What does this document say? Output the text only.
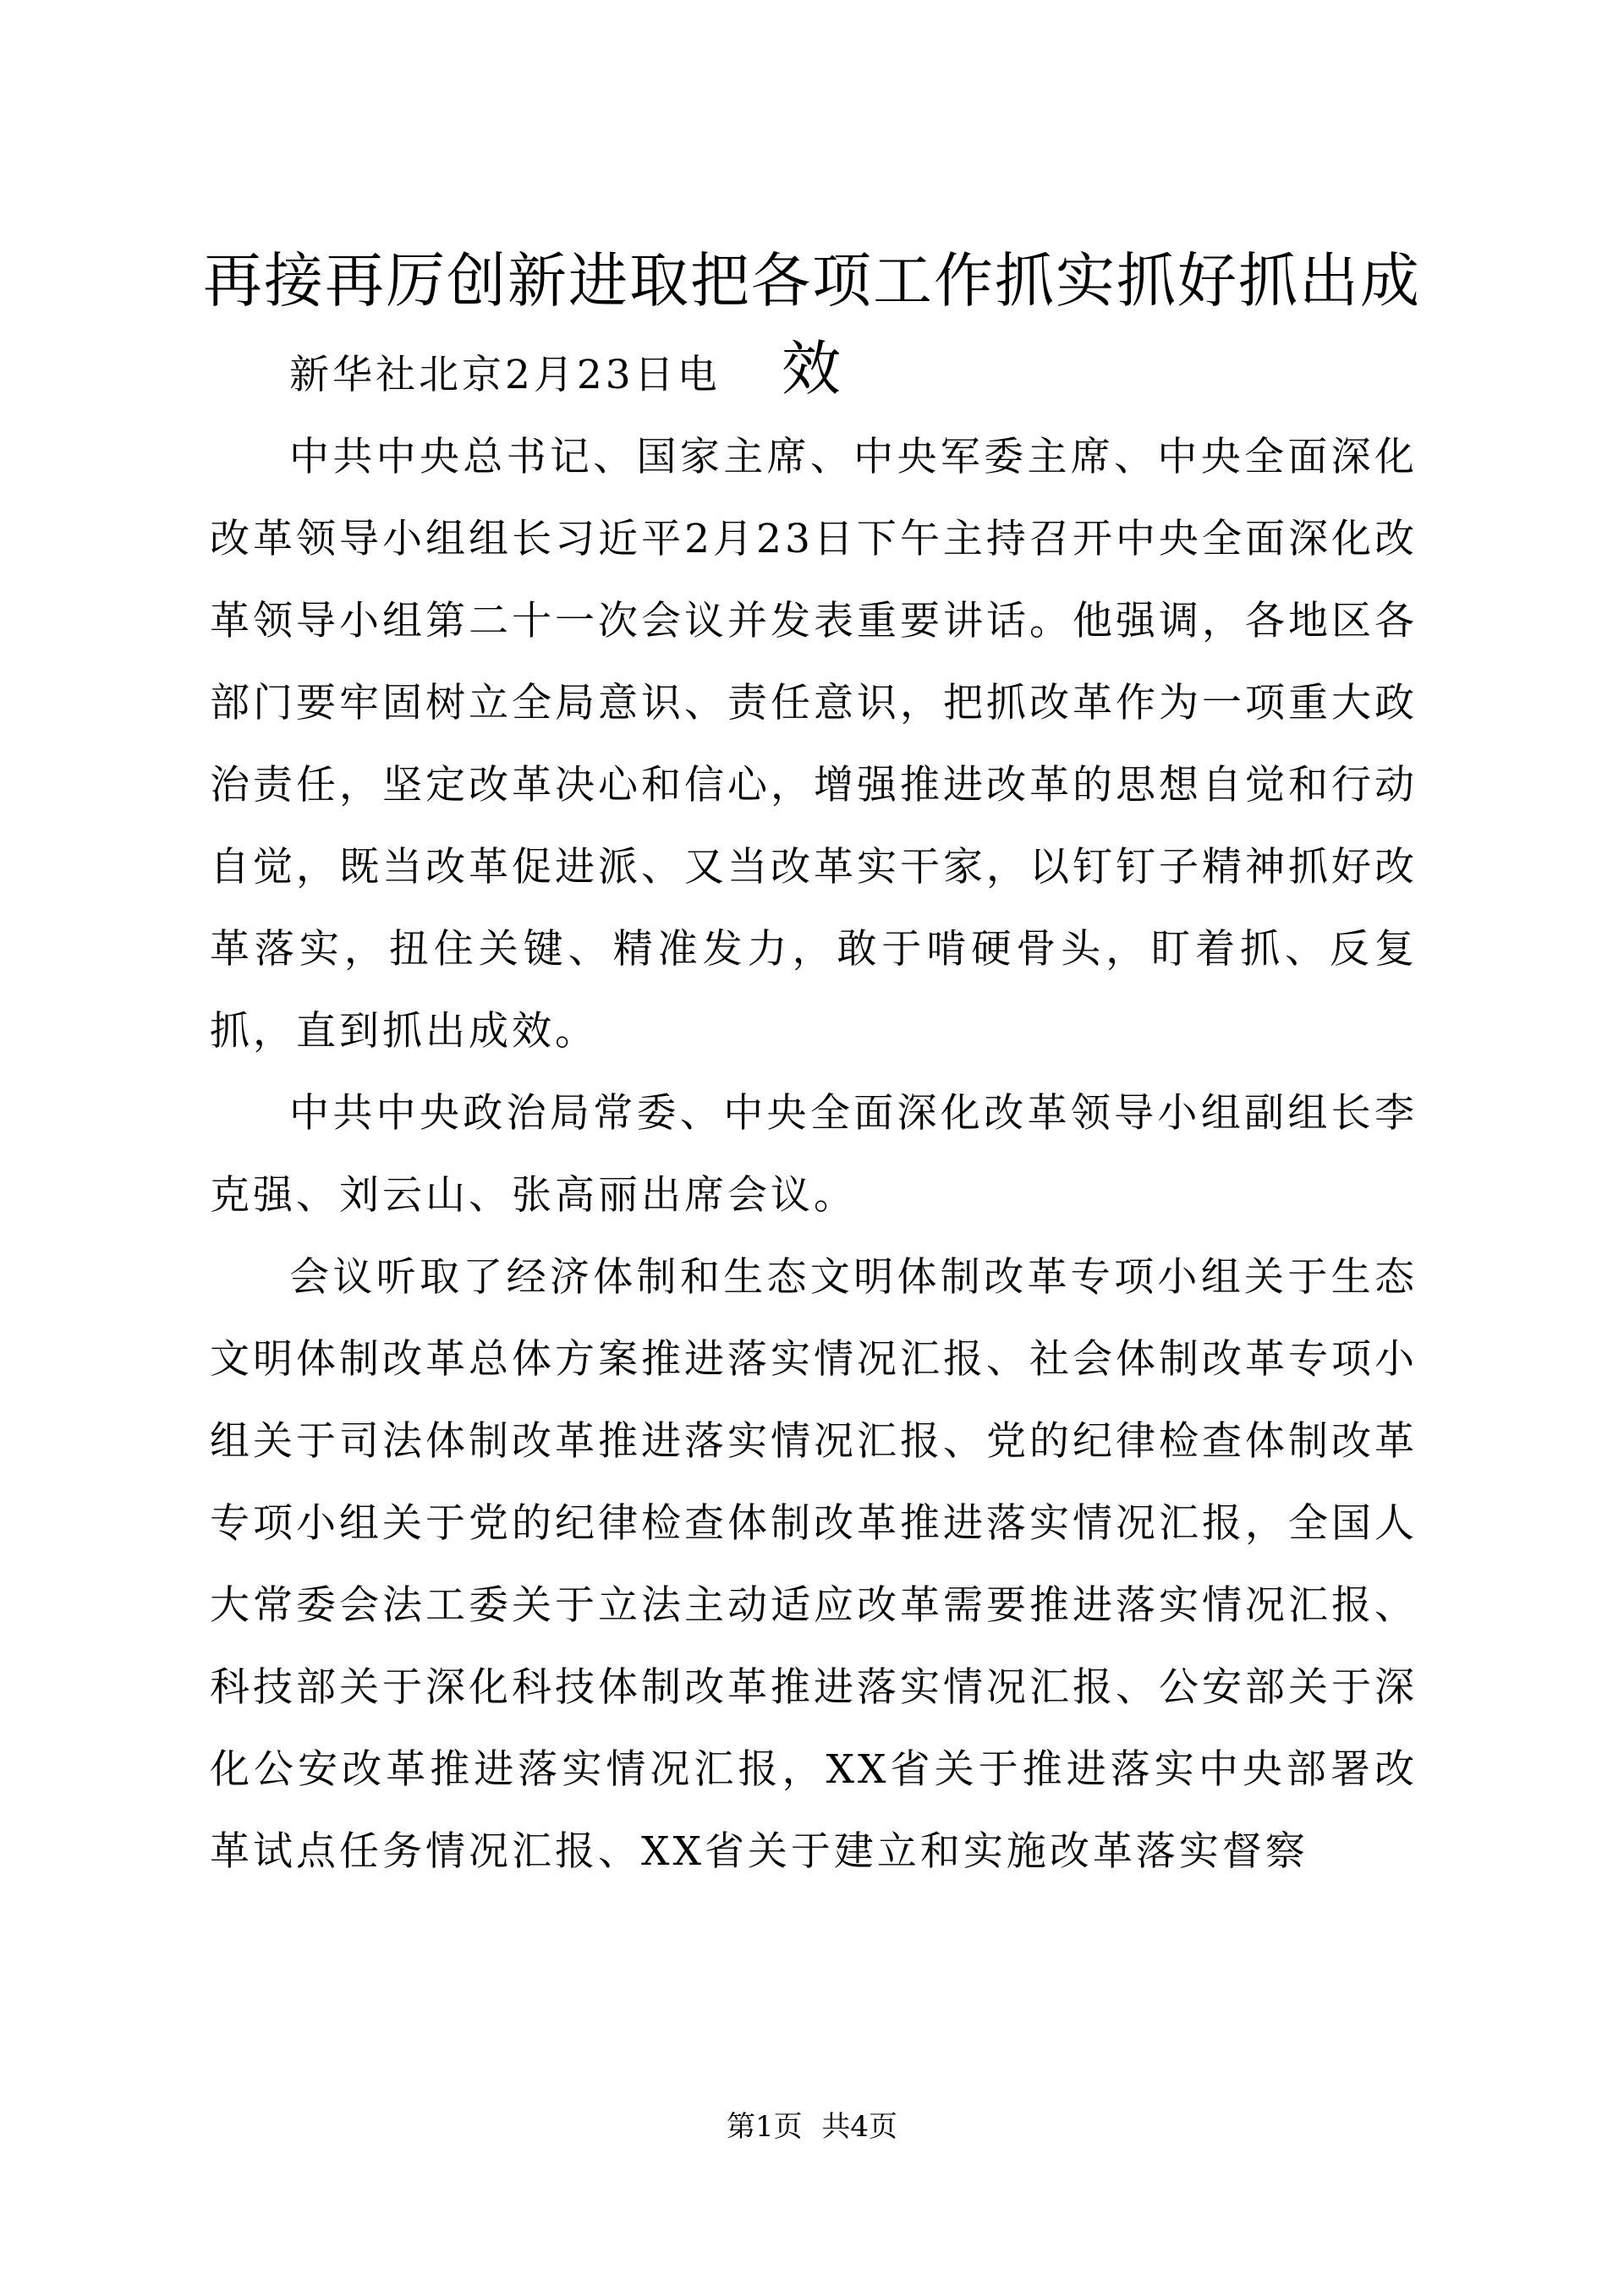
再接再厉创新进取把各项工作抓实抓好抓出成效

新华社北京2月23日电

中共中央总书记、国家主席、中央军委主席、中央全面深化改革领导小组组长习近平2月23日下午主持召开中央全面深化改革领导小组第二十一次会议并发表重要讲话。他强调，各地区各部门要牢固树立全局意识、责任意识，把抓改革作为一项重大政治责任，坚定改革决心和信心，增强推进改革的思想自觉和行动自觉，既当改革促进派、又当改革实干家，以钉钉子精神抓好改革落实，扭住关键、精准发力，敢于啃硬骨头，盯着抓、反复抓，直到抓出成效。

中共中央政治局常委、中央全面深化改革领导小组副组长李克强、刘云山、张高丽出席会议。

会议听取了经济体制和生态文明体制改革专项小组关于生态文明体制改革总体方案推进落实情况汇报、社会体制改革专项小组关于司法体制改革推进落实情况汇报、党的纪律检查体制改革专项小组关于党的纪律检查体制改革推进落实情况汇报，全国人大常委会法工委关于立法主动适应改革需要推进落实情况汇报、科技部关于深化科技体制改革推进落实情况汇报、公安部关于深化公安改革推进落实情况汇报，XX省关于推进落实中央部署改革试点任务情况汇报、XX省关于建立和实施改革落实督察

第1页 共4页
